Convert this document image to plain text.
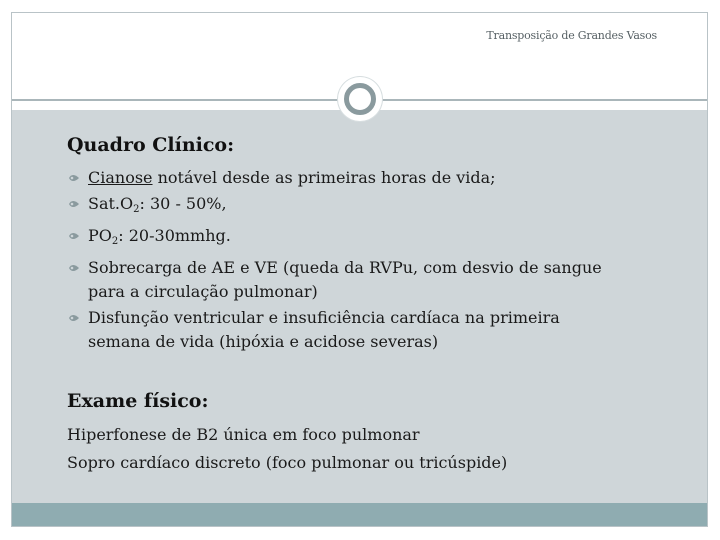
Transposição de Grandes Vasos
Quadro Clínico:
Cianose notável desde as primeiras horas de vida;
$Sat.O_2$: 30 - 50%,
$PO_2$: 20-30mmhg.
Sobrecarga de AE e VE (queda da RVPu, com desvio de sangue
para a circulação pulmonar)
Disfunção ventricular e insuficiência cardíaca na primeira
semana de vida (hipóxia e acidose severas)
Exame físico:
Hiperfonese de B2 única em foco pulmonar
Sopro cardíaco discreto (foco pulmonar ou tricúspide)
